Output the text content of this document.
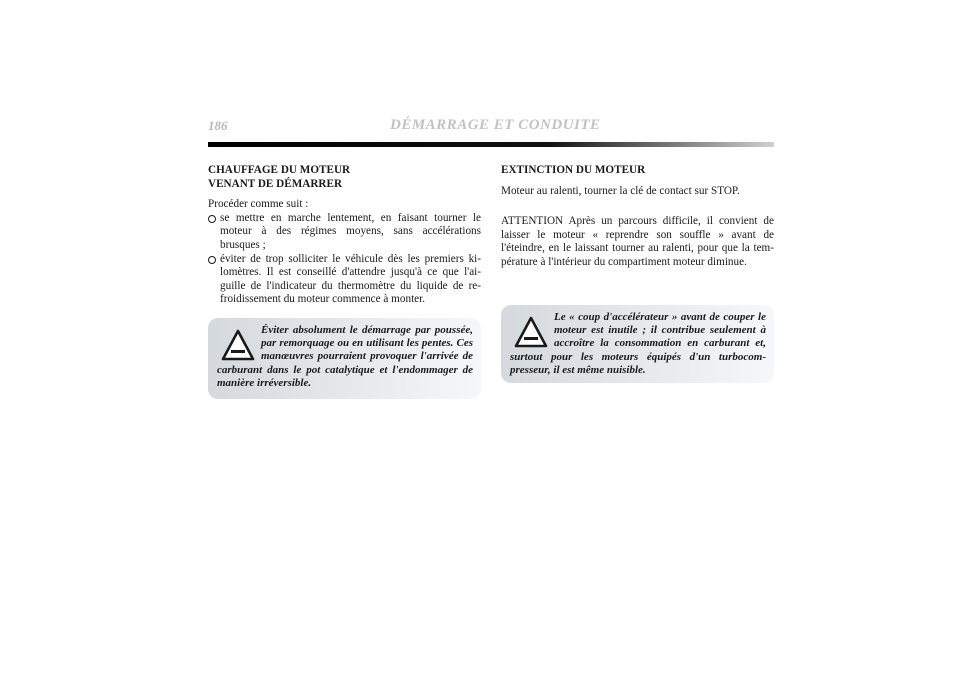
186	DÉMARRAGE ET CONDUITE
CHAUFFAGE DU MOTEUR
VENANT DE DÉMARRER

Procéder comme suit :

se mettre en marche lentement, en faisant tourner le moteur à des régimes moyens, sans accélérations brusques ;
éviter de trop solliciter le véhicule dès les premiers ki-lomètres. Il est conseillé d'attendre jusqu'à ce que l'ai-guille de l'indicateur du thermomètre du liquide de re-froidissement du moteur commence à monter.
Éviter absolument le démarrage par poussée, par remorquage ou en utilisant les pentes. Ces manœuvres pourraient provoquer l'arrivée de carburant dans le pot catalytique et l'endommager de manière irréversible.
EXTINCTION DU MOTEUR

Moteur au ralenti, tourner la clé de contact sur STOP.

ATTENTION Après un parcours difficile, il convient de laisser le moteur « reprendre son souffle » avant de l'éteindre, en le laissant tourner au ralenti, pour que la tem-pérature à l'intérieur du compartiment moteur diminue.

Le « coup d'accélérateur » avant de couper le moteur est inutile ; il contribue seulement à accroître la consommation en carburant et, surtout pour les moteurs équipés d'un turbocom-presseur, il est même nuisible.
